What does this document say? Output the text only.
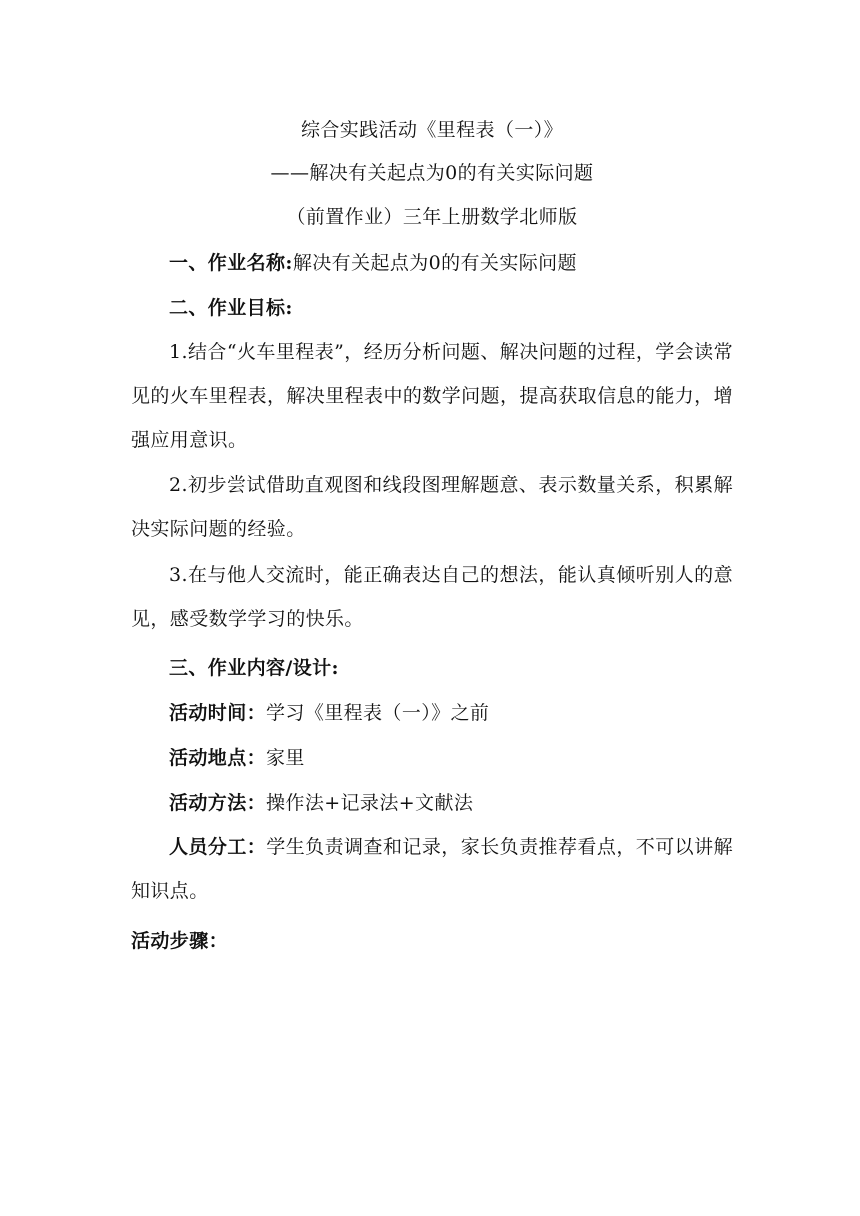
综合实践活动《里程表（一）》
——解决有关起点为0的有关实际问题
（前置作业）三年上册数学北师版
一、作业名称:解决有关起点为0的有关实际问题
二、作业目标:
1.结合“火车里程表”，经历分析问题、解决问题的过程，学会读常见的火车里程表，解决里程表中的数学问题，提高获取信息的能力，增强应用意识。
2.初步尝试借助直观图和线段图理解题意、表示数量关系，积累解决实际问题的经验。
3.在与他人交流时，能正确表达自己的想法，能认真倾听别人的意见，感受数学学习的快乐。
三、作业内容/设计:
活动时间：学习《里程表（一）》之前
活动地点：家里
活动方法：操作法+记录法+文献法
人员分工：学生负责调查和记录，家长负责推荐看点，不可以讲解知识点。
活动步骤：
